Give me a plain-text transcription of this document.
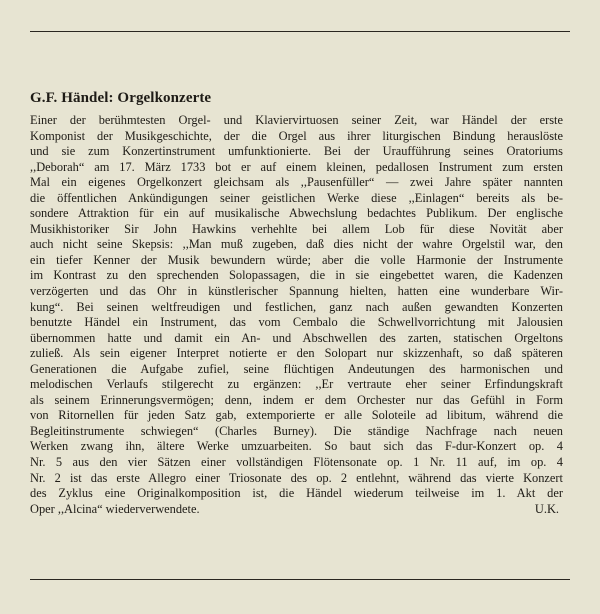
G.F. Händel: Orgelkonzerte
Einer der berühmtesten Orgel- und Klaviervirtuosen seiner Zeit, war Händel der erste
Komponist der Musikgeschichte, der die Orgel aus ihrer liturgischen Bindung herauslöste
und sie zum Konzertinstrument umfunktionierte. Bei der Uraufführung seines Oratoriums
,,Deborah“ am 17. März 1733 bot er auf einem kleinen, pedallosen Instrument zum ersten
Mal ein eigenes Orgelkonzert gleichsam als ,,Pausenfüller“ — zwei Jahre später nannten
die öffentlichen Ankündigungen seiner geistlichen Werke diese ,,Einlagen“ bereits als be-
sondere Attraktion für ein auf musikalische Abwechslung bedachtes Publikum. Der englische
Musikhistoriker Sir John Hawkins verhehlte bei allem Lob für diese Novität aber
auch nicht seine Skepsis: ,,Man muß zugeben, daß dies nicht der wahre Orgelstil war, den
ein tiefer Kenner der Musik bewundern würde; aber die volle Harmonie der Instrumente
im Kontrast zu den sprechenden Solopassagen, die in sie eingebettet waren, die Kadenzen
verzögerten und das Ohr in künstlerischer Spannung hielten, hatten eine wunderbare Wir-
kung“. Bei seinen weltfreudigen und festlichen, ganz nach außen gewandten Konzerten
benutzte Händel ein Instrument, das vom Cembalo die Schwellvorrichtung mit Jalousien
übernommen hatte und damit ein An- und Abschwellen des zarten, statischen Orgeltons
zuließ. Als sein eigener Interpret notierte er den Solopart nur skizzenhaft, so daß späteren
Generationen die Aufgabe zufiel, seine flüchtigen Andeutungen des harmonischen und
melodischen Verlaufs stilgerecht zu ergänzen: ,,Er vertraute eher seiner Erfindungskraft
als seinem Erinnerungsvermögen; denn, indem er dem Orchester nur das Gefühl in Form
von Ritornellen für jeden Satz gab, extemporierte er alle Soloteile ad libitum, während die
Begleitinstrumente schwiegen“ (Charles Burney). Die ständige Nachfrage nach neuen
Werken zwang ihn, ältere Werke umzuarbeiten. So baut sich das F-dur-Konzert op. 4
Nr. 5 aus den vier Sätzen einer vollständigen Flötensonate op. 1 Nr. 11 auf, im op. 4
Nr. 2 ist das erste Allegro einer Triosonate des op. 2 entlehnt, während das vierte Konzert
des Zyklus eine Originalkomposition ist, die Händel wiederum teilweise im 1. Akt der
Oper ,,Alcina“ wiederverwendete.	U.K.
